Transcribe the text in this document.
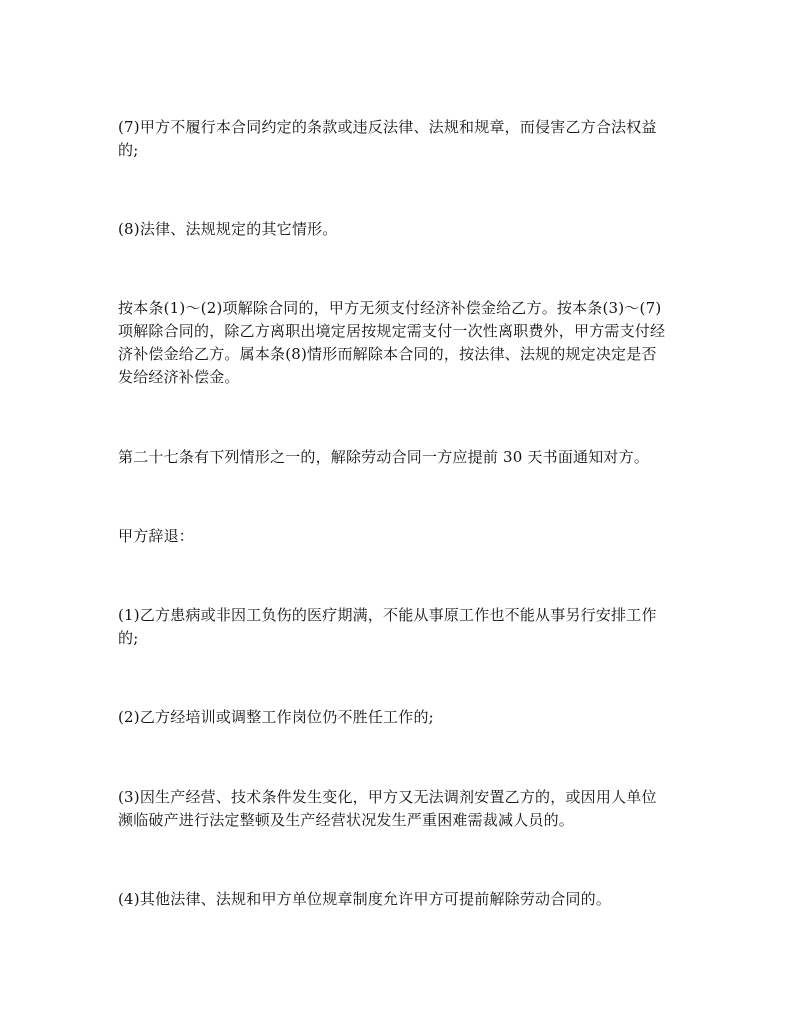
(7)甲方不履行本合同约定的条款或违反法律、法规和规章，而侵害乙方合法权益
的;

(8)法律、法规规定的其它情形。

按本条(1)～(2)项解除合同的，甲方无须支付经济补偿金给乙方。按本条(3)～(7)
项解除合同的，除乙方离职出境定居按规定需支付一次性离职费外，甲方需支付经
济补偿金给乙方。属本条(8)情形而解除本合同的，按法律、法规的规定决定是否
发给经济补偿金。

第二十七条有下列情形之一的，解除劳动合同一方应提前 30 天书面通知对方。

甲方辞退：

(1)乙方患病或非因工负伤的医疗期满，不能从事原工作也不能从事另行安排工作
的;

(2)乙方经培训或调整工作岗位仍不胜任工作的;

(3)因生产经营、技术条件发生变化，甲方又无法调剂安置乙方的，或因用人单位
濒临破产进行法定整顿及生产经营状况发生严重困难需裁减人员的。

(4)其他法律、法规和甲方单位规章制度允许甲方可提前解除劳动合同的。
